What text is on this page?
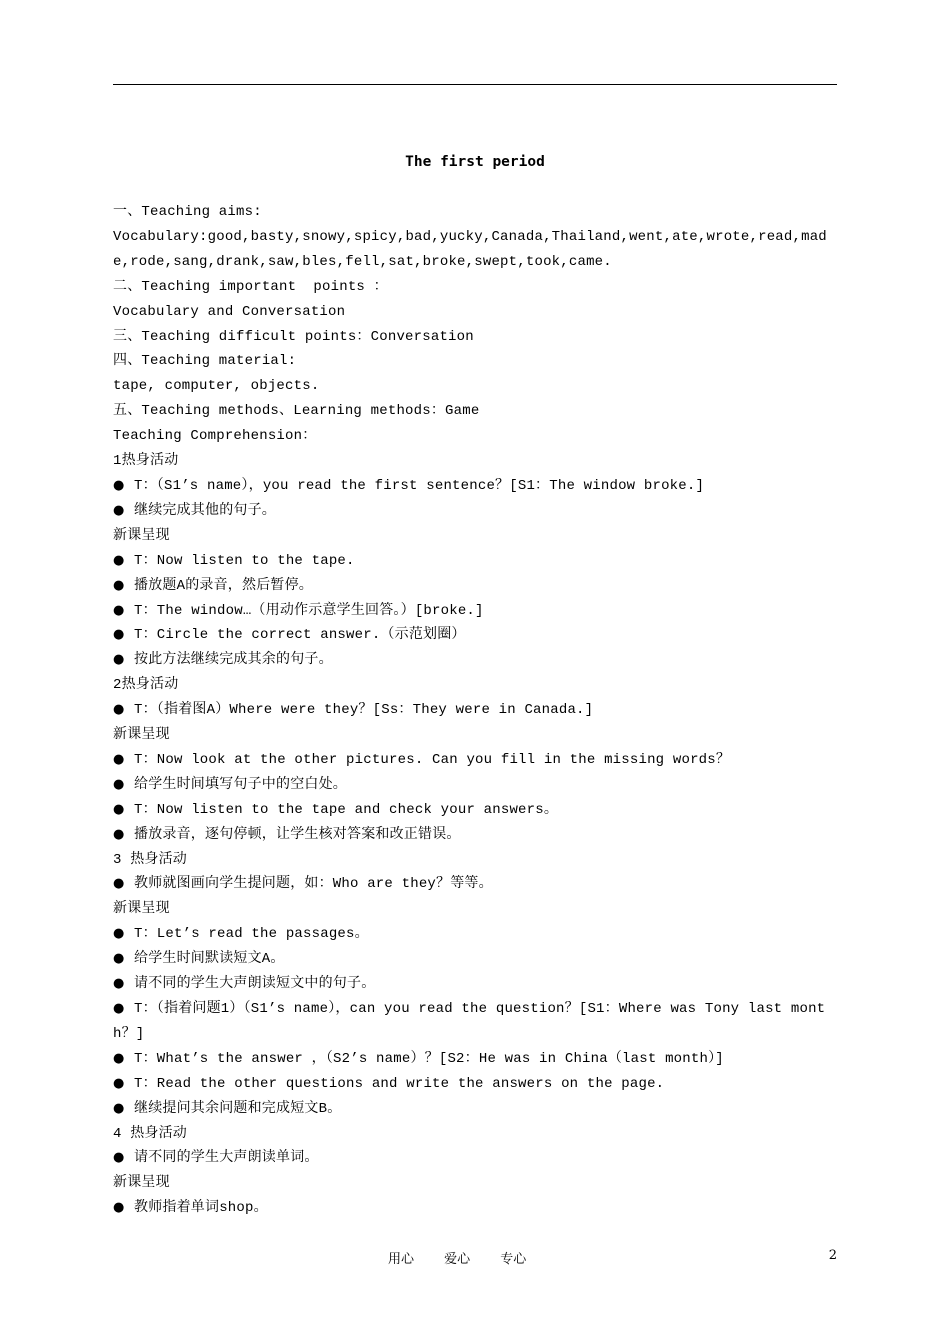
The first period
一、Teaching aims:
Vocabulary:good,basty,snowy,spicy,bad,yucky,Canada,Thailand,went,ate,wrote,read,made,rode,sang,drank,saw,bles,fell,sat,broke,swept,took,came.
二、Teaching important  points ：
Vocabulary and Conversation
三、Teaching difficult points：Conversation
四、Teaching material:
tape, computer, objects.
五、Teaching methods、Learning methods：Game
Teaching Comprehension：
1热身活动
● T：（S1’s name），you read the first sentence？[S1：The window broke.]
● 继续完成其他的句子。
新课呈现
● T：Now listen to the tape.
● 播放题A的录音，然后暂停。
● T：The window…（用动作示意学生回答。）[broke.]
● T：Circle the correct answer.（示范划圈）
● 按此方法继续完成其余的句子。
2热身活动
● T：（指着图A）Where were they？[Ss：They were in Canada.]
新课呈现
● T：Now look at the other pictures. Can you fill in the missing words？
● 给学生时间填写句子中的空白处。
● T：Now listen to the tape and check your answers。
● 播放录音，逐句停顿，让学生核对答案和改正错误。
3 热身活动
● 教师就图画向学生提问题，如：Who are they？等等。
新课呈现
● T：Let’s read the passages。
● 给学生时间默读短文A。
● 请不同的学生大声朗读短文中的句子。
● T：（指着问题1）（S1’s name），can you read the question？[S1：Where was Tony last month？]
● T：What’s the answer ，（S2’s name）？[S2：He was in China（last month）]
● T：Read the other questions and write the answers on the page.
● 继续提问其余问题和完成短文B。
4 热身活动
● 请不同的学生大声朗读单词。
新课呈现
● 教师指着单词shop。
用心 爱心 专心	2
